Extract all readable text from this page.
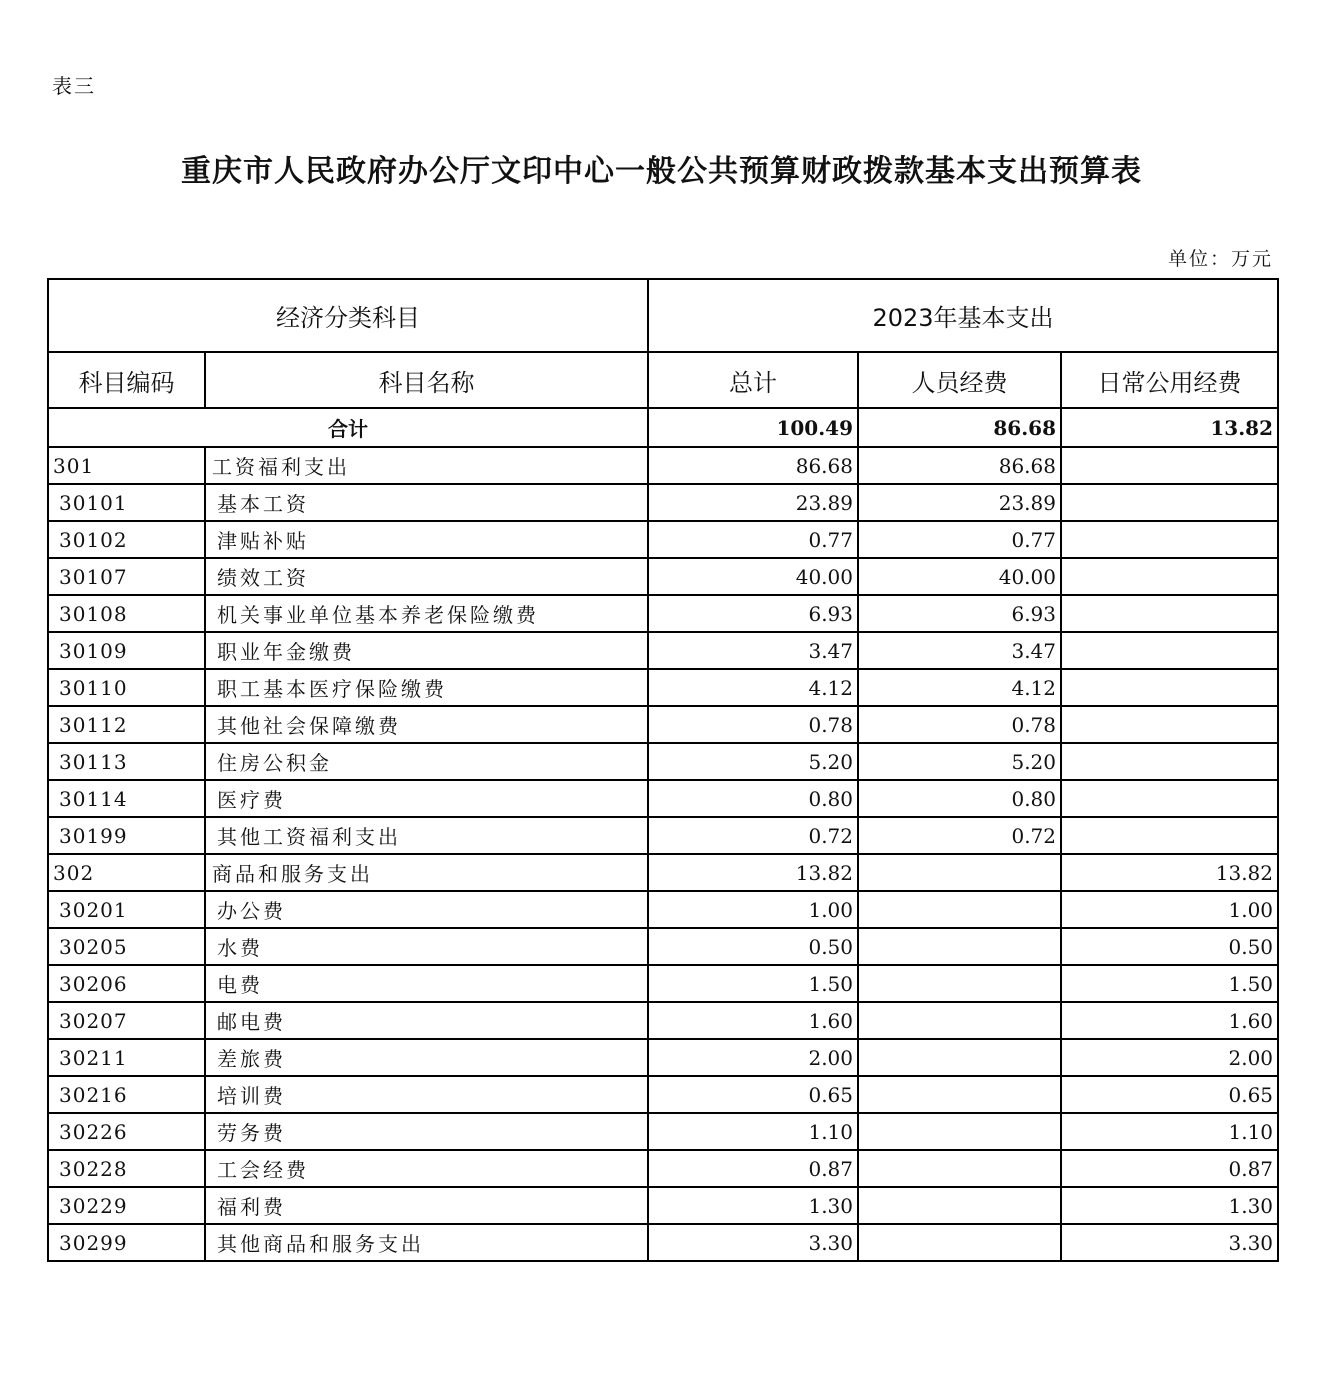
表三
重庆市人民政府办公厅文印中心一般公共预算财政拨款基本支出预算表
单位：万元
经济分类科目		2023年基本支出		
科目编码	科目名称	总计	人员经费	日常公用经费
合计		100.49	86.68	13.82
301	工资福利支出	86.68	86.68	
30101	基本工资	23.89	23.89	
30102	津贴补贴	0.77	0.77	
30107	绩效工资	40.00	40.00	
30108	机关事业单位基本养老保险缴费	6.93	6.93	
30109	职业年金缴费	3.47	3.47	
30110	职工基本医疗保险缴费	4.12	4.12	
30112	其他社会保障缴费	0.78	0.78	
30113	住房公积金	5.20	5.20	
30114	医疗费	0.80	0.80	
30199	其他工资福利支出	0.72	0.72	
302	商品和服务支出	13.82		13.82
30201	办公费	1.00		1.00
30205	水费	0.50		0.50
30206	电费	1.50		1.50
30207	邮电费	1.60		1.60
30211	差旅费	2.00		2.00
30216	培训费	0.65		0.65
30226	劳务费	1.10		1.10
30228	工会经费	0.87		0.87
30229	福利费	1.30		1.30
30299	其他商品和服务支出	3.30		3.30
